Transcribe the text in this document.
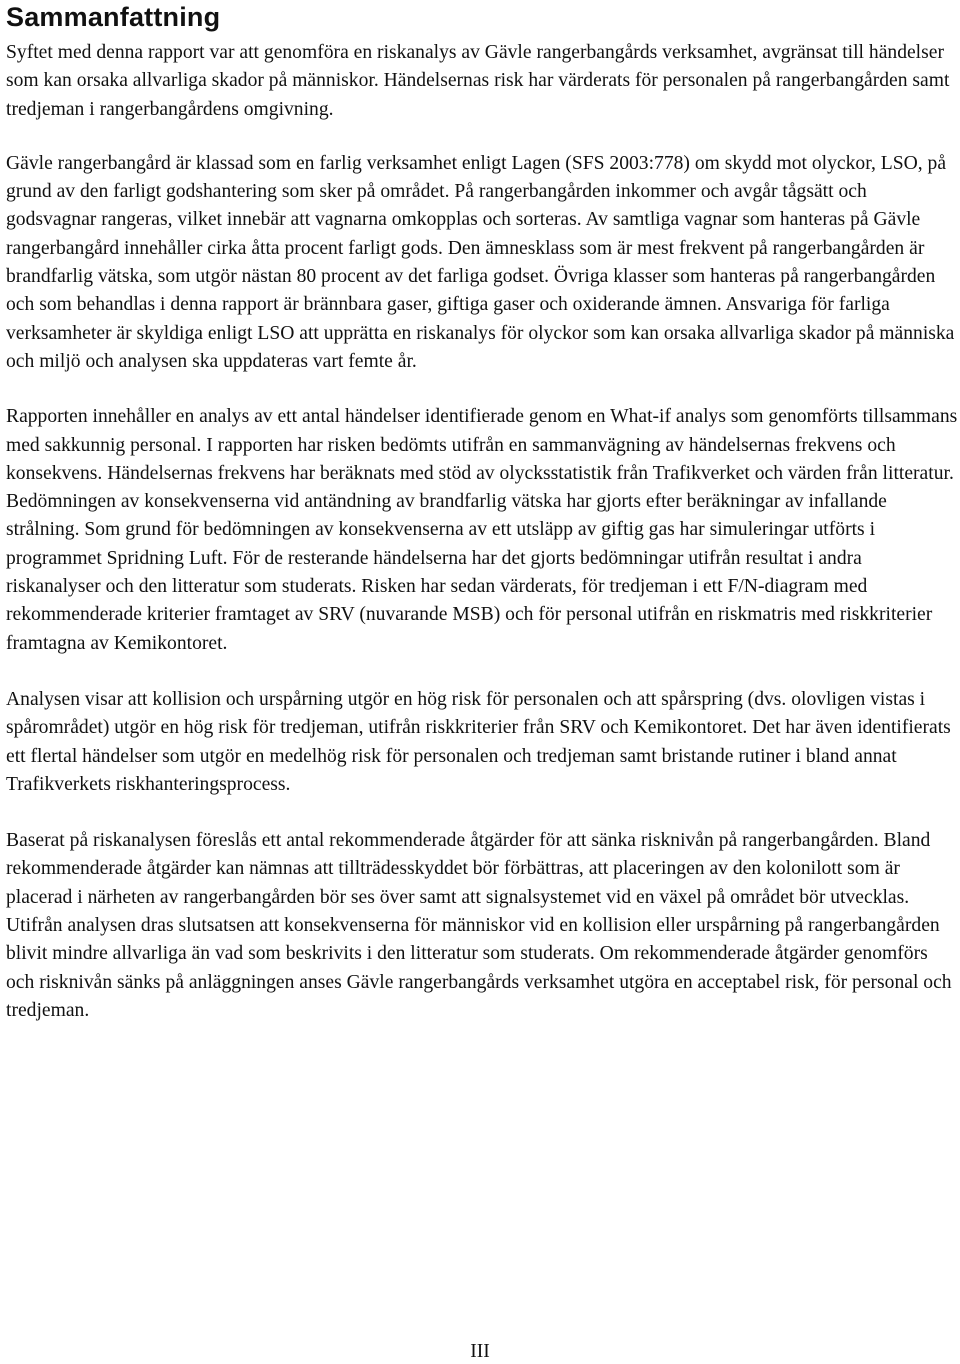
Sammanfattning

Syftet med denna rapport var att genomföra en riskanalys av Gävle rangerbangårds verksamhet, avgränsat till händelser som kan orsaka allvarliga skador på människor. Händelsernas risk har värderats för personalen på rangerbangården samt tredjeman i rangerbangårdens omgivning.

Gävle rangerbangård är klassad som en farlig verksamhet enligt Lagen (SFS 2003:778) om skydd mot olyckor, LSO, på grund av den farligt godshantering som sker på området. På rangerbangården inkommer och avgår tågsätt och godsvagnar rangeras, vilket innebär att vagnarna omkopplas och sorteras. Av samtliga vagnar som hanteras på Gävle rangerbangård innehåller cirka åtta procent farligt gods. Den ämnesklass som är mest frekvent på rangerbangården är brandfarlig vätska, som utgör nästan 80 procent av det farliga godset. Övriga klasser som hanteras på rangerbangården och som behandlas i denna rapport är brännbara gaser, giftiga gaser och oxiderande ämnen. Ansvariga för farliga verksamheter är skyldiga enligt LSO att upprätta en riskanalys för olyckor som kan orsaka allvarliga skador på människa och miljö och analysen ska uppdateras vart femte år.

Rapporten innehåller en analys av ett antal händelser identifierade genom en What-if analys som genomförts tillsammans med sakkunnig personal. I rapporten har risken bedömts utifrån en sammanvägning av händelsernas frekvens och konsekvens. Händelsernas frekvens har beräknats med stöd av olycksstatistik från Trafikverket och värden från litteratur. Bedömningen av konsekvenserna vid antändning av brandfarlig vätska har gjorts efter beräkningar av infallande strålning. Som grund för bedömningen av konsekvenserna av ett utsläpp av giftig gas har simuleringar utförts i programmet Spridning Luft. För de resterande händelserna har det gjorts bedömningar utifrån resultat i andra riskanalyser och den litteratur som studerats. Risken har sedan värderats, för tredjeman i ett F/N-diagram med rekommenderade kriterier framtaget av SRV (nuvarande MSB) och för personal utifrån en riskmatris med riskkriterier framtagna av Kemikontoret.

Analysen visar att kollision och urspårning utgör en hög risk för personalen och att spårspring (dvs. olovligen vistas i spårområdet) utgör en hög risk för tredjeman, utifrån riskkriterier från SRV och Kemikontoret. Det har även identifierats ett flertal händelser som utgör en medelhög risk för personalen och tredjeman samt bristande rutiner i bland annat Trafikverkets riskhanteringsprocess.

Baserat på riskanalysen föreslås ett antal rekommenderade åtgärder för att sänka risknivån på rangerbangården. Bland rekommenderade åtgärder kan nämnas att tillträdesskyddet bör förbättras, att placeringen av den kolonilott som är placerad i närheten av rangerbangården bör ses över samt att signalsystemet vid en växel på området bör utvecklas. Utifrån analysen dras slutsatsen att konsekvenserna för människor vid en kollision eller urspårning på rangerbangården blivit mindre allvarliga än vad som beskrivits i den litteratur som studerats. Om rekommenderade åtgärder genomförs och risknivån sänks på anläggningen anses Gävle rangerbangårds verksamhet utgöra en acceptabel risk, för personal och tredjeman.

III
